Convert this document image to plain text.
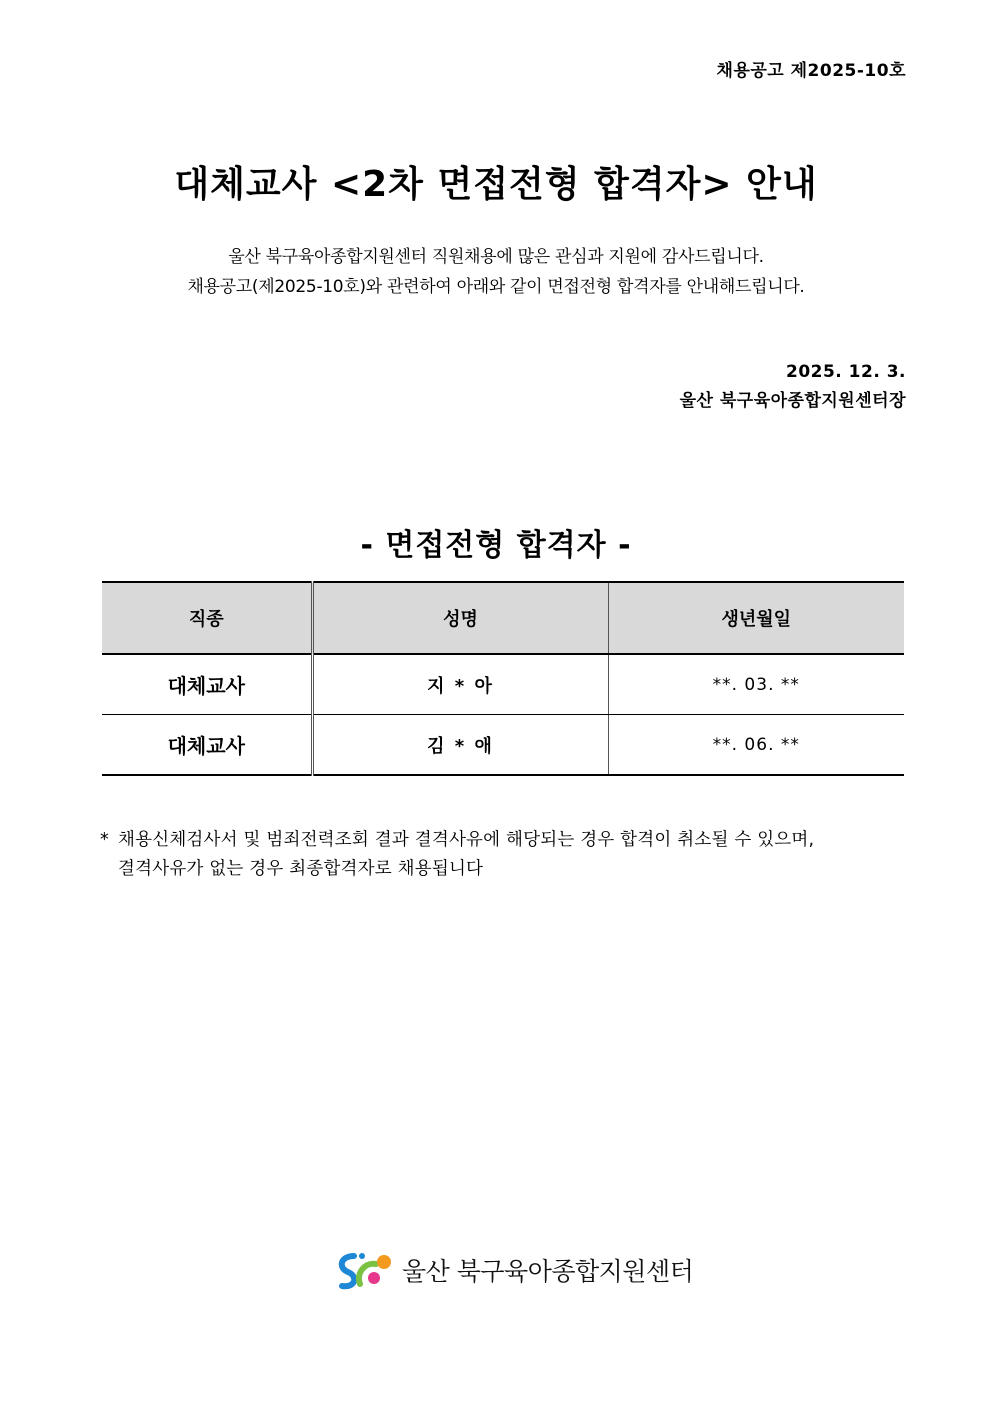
채용공고 제2025-10호
대체교사 <2차 면접전형 합격자> 안내
울산 북구육아종합지원센터 직원채용에 많은 관심과 지원에 감사드립니다.
채용공고(제2025-10호)와 관련하여 아래와 같이 면접전형 합격자를 안내해드립니다.
2025. 12. 3.
울산 북구육아종합지원센터장
- 면접전형 합격자 -
직종	성명	생년월일
대체교사	지 * 아	**. 03. **
대체교사	김 * 애	**. 06. **
* 채용신체검사서 및 범죄전력조회 결과 결격사유에 해당되는 경우 합격이 취소될 수 있으며,
결격사유가 없는 경우 최종합격자로 채용됩니다
울산 북구육아종합지원센터
